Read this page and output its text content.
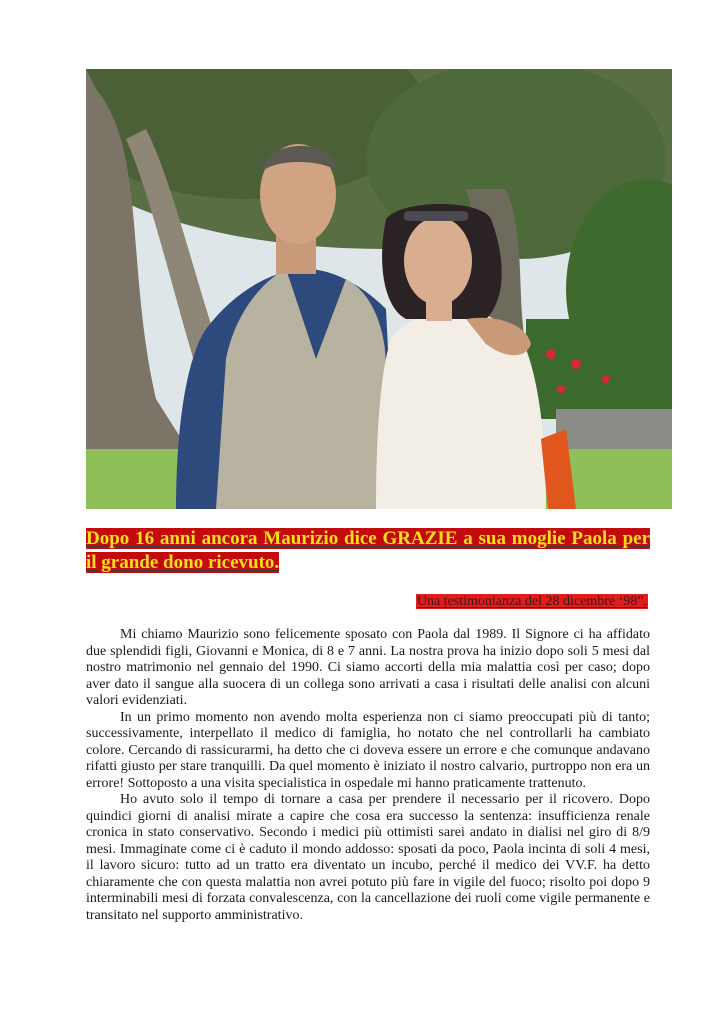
Dopo 16 anni ancora Maurizio dice GRAZIE a sua moglie Paola per il grande dono ricevuto.
Una testimonianza del 28 dicembre ‘98”.

Mi chiamo Maurizio sono felicemente sposato con Paola dal 1989. Il Signore ci ha affidato due splendidi figli, Giovanni e Monica, di 8 e 7 anni. La nostra prova ha inizio dopo soli 5 mesi dal nostro matrimonio nel gennaio del 1990. Ci siamo accorti della mia malattia così per caso; dopo aver dato il sangue alla suocera di un collega sono arrivati a casa i risultati delle analisi con alcuni valori evidenziati.

In un primo momento non avendo molta esperienza non ci siamo preoccupati più di tanto; successivamente, interpellato il medico di famiglia, ho notato che nel controllarli ha cambiato colore. Cercando di rassicurarmi, ha detto che ci doveva essere un errore e che comunque andavano rifatti giusto per stare tranquilli. Da quel momento è iniziato il nostro calvario, purtroppo non era un errore! Sottoposto a una visita specialistica in ospedale mi hanno praticamente trattenuto.

Ho avuto solo il tempo di tornare a casa per prendere il necessario per il ricovero. Dopo quindici giorni di analisi mirate a capire che cosa era successo la sentenza: insufficienza renale cronica in stato conservativo. Secondo i medici più ottimisti sarei andato in dialisi nel giro di 8/9 mesi. Immaginate come ci è caduto il mondo addosso: sposati da poco, Paola incinta di soli 4 mesi, il lavoro sicuro: tutto ad un tratto era diventato un incubo, perché il medico dei VV.F. ha detto chiaramente che con questa malattia non avrei potuto più fare in vigile del fuoco; risolto poi dopo 9 interminabili mesi di forzata convalescenza, con la cancellazione dei ruoli come vigile permanente e transitato nel supporto amministrativo.
